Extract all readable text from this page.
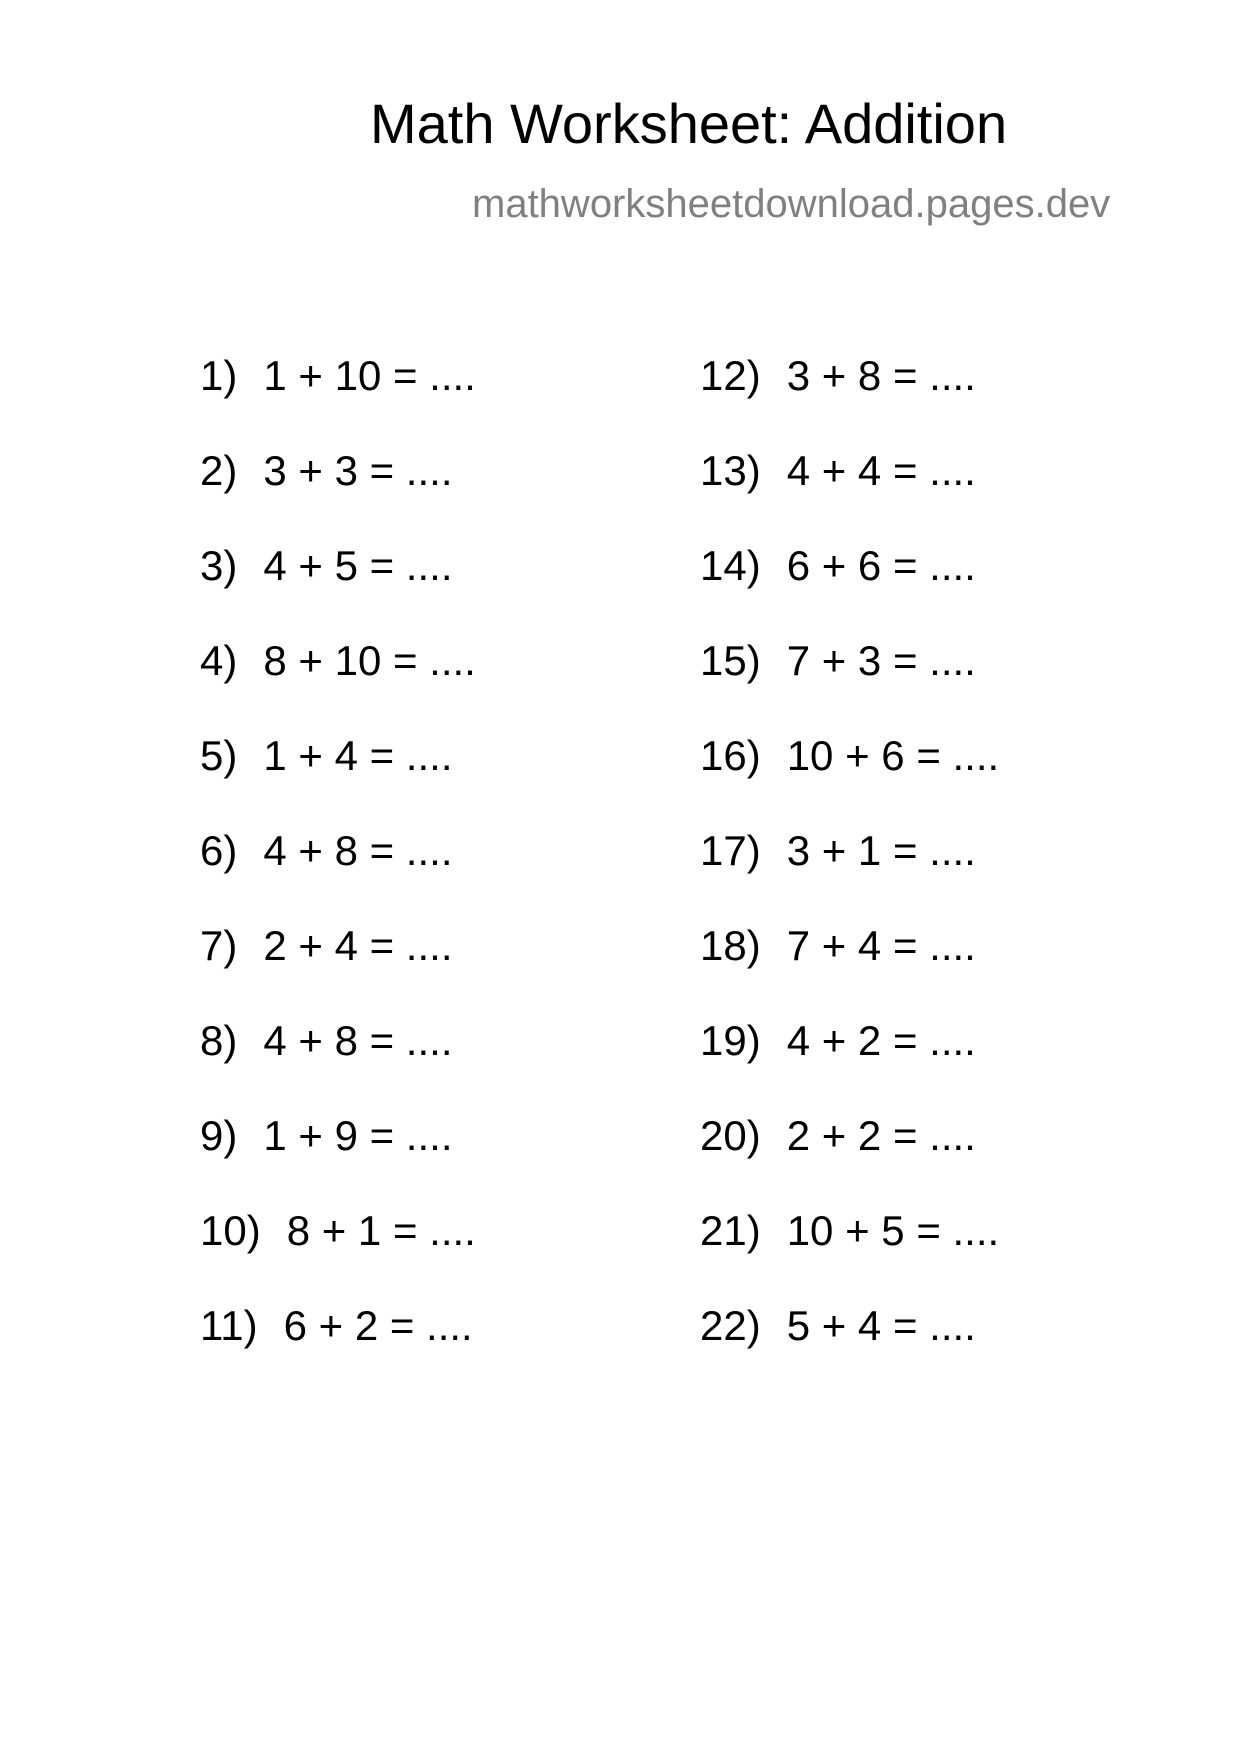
Math Worksheet: Addition
mathworksheetdownload.pages.dev
1) 1 + 10 = ....
2) 3 + 3 = ....
3) 4 + 5 = ....
4) 8 + 10 = ....
5) 1 + 4 = ....
6) 4 + 8 = ....
7) 2 + 4 = ....
8) 4 + 8 = ....
9) 1 + 9 = ....
10) 8 + 1 = ....
11) 6 + 2 = ....
12) 3 + 8 = ....
13) 4 + 4 = ....
14) 6 + 6 = ....
15) 7 + 3 = ....
16) 10 + 6 = ....
17) 3 + 1 = ....
18) 7 + 4 = ....
19) 4 + 2 = ....
20) 2 + 2 = ....
21) 10 + 5 = ....
22) 5 + 4 = ....
